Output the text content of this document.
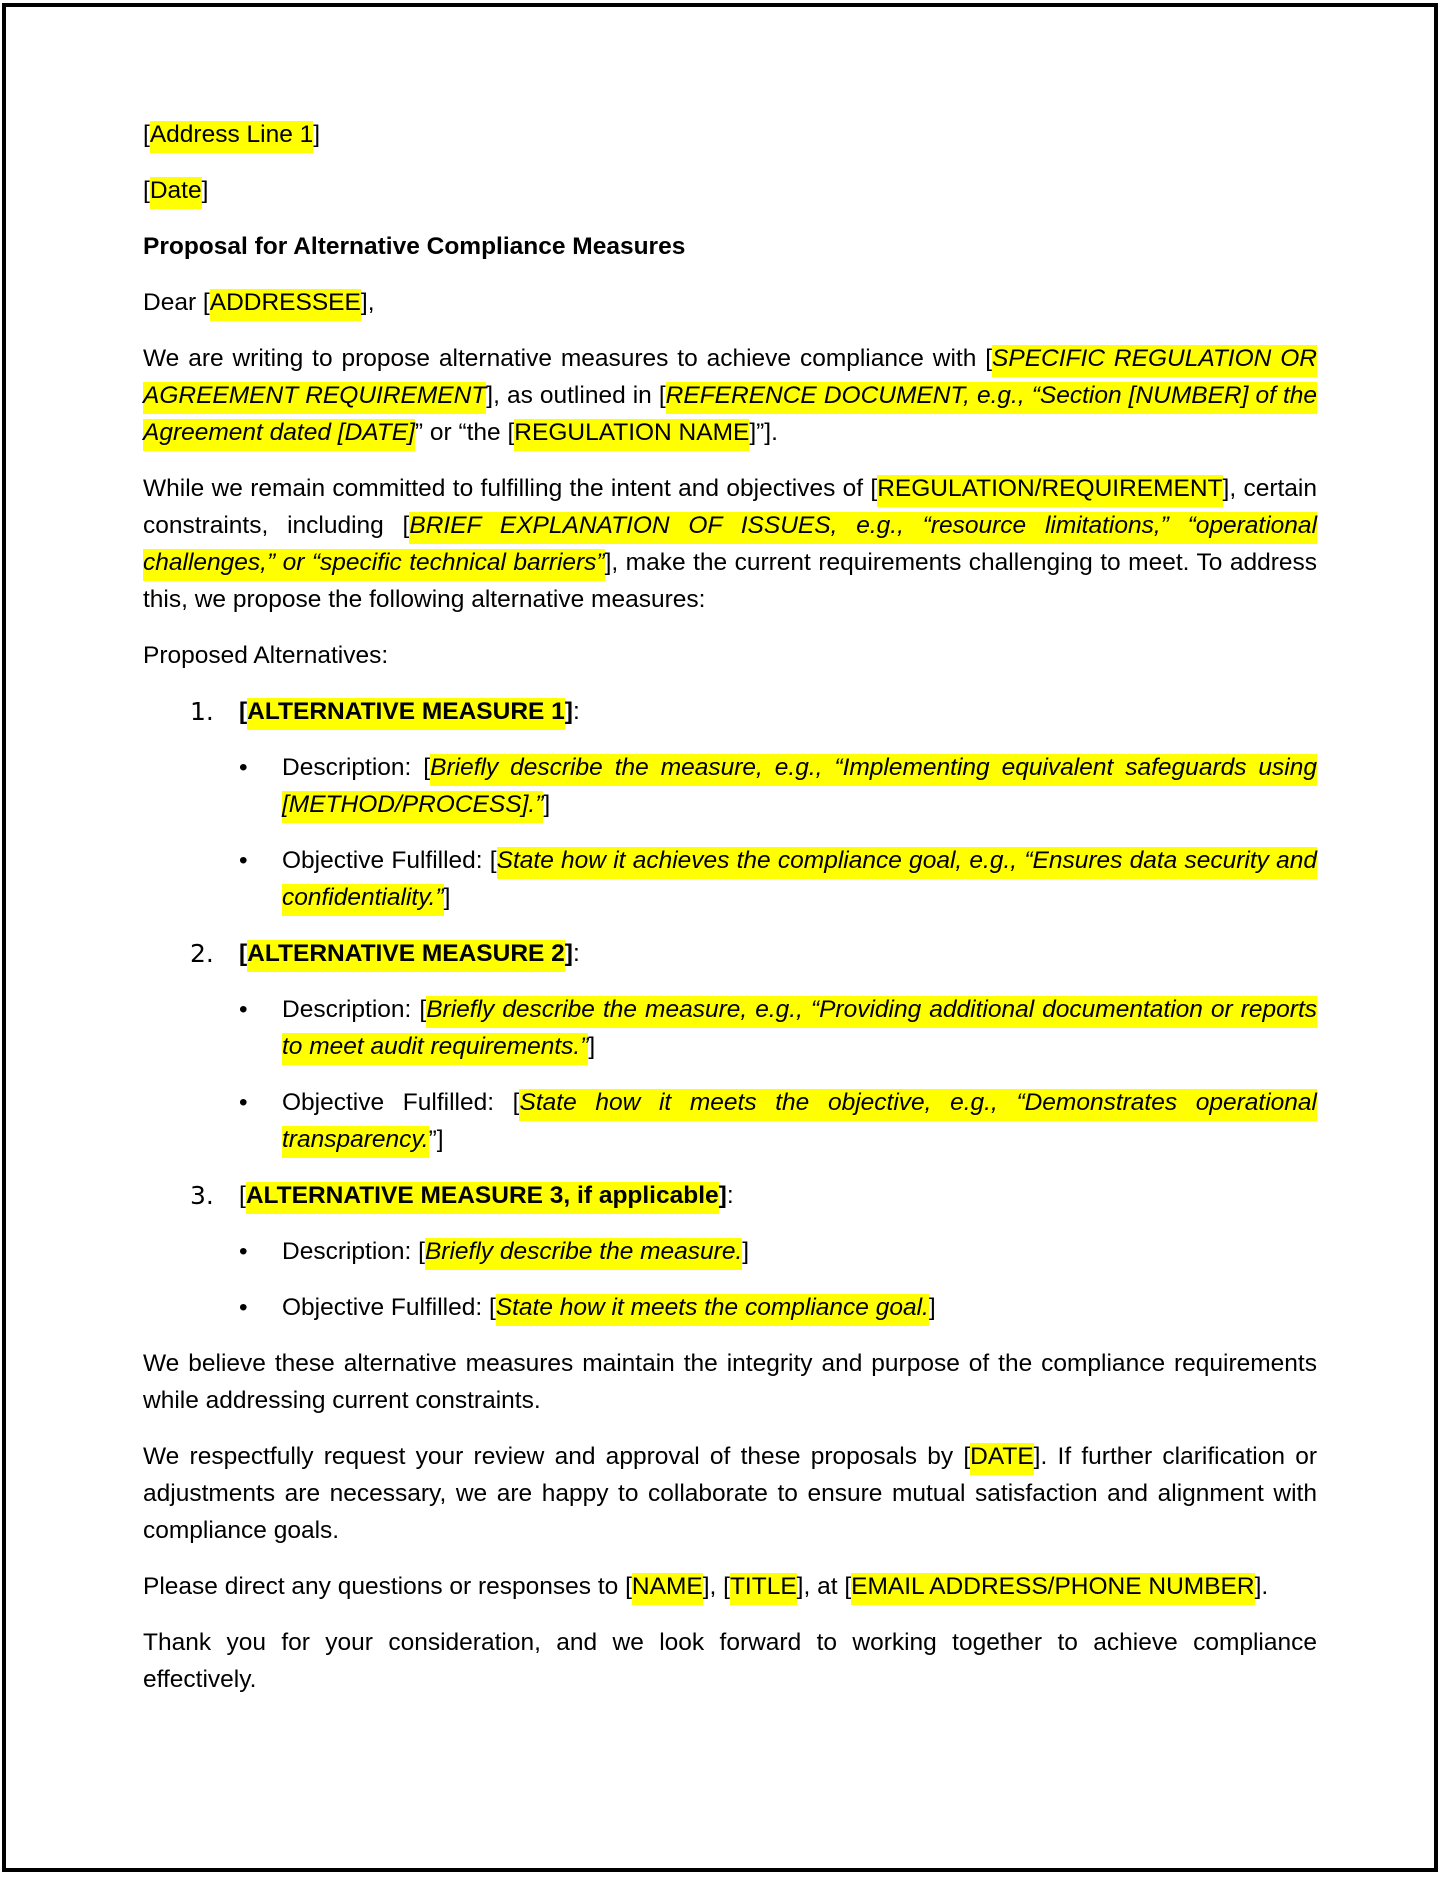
[Address Line 1]

[Date]

Proposal for Alternative Compliance Measures

Dear [ADDRESSEE],

We are writing to propose alternative measures to achieve compliance with [SPECIFIC REGULATION OR AGREEMENT REQUIREMENT], as outlined in [REFERENCE DOCUMENT, e.g., “Section [NUMBER] of the Agreement dated [DATE]” or “the [REGULATION NAME]”].

While we remain committed to fulfilling the intent and objectives of [REGULATION/REQUIREMENT], certain constraints, including [BRIEF EXPLANATION OF ISSUES, e.g., “resource limitations,” “operational challenges,” or “specific technical barriers”], make the current requirements challenging to meet. To address this, we propose the following alternative measures:

Proposed Alternatives:

1. [ALTERNATIVE MEASURE 1]:
• Description: [Briefly describe the measure, e.g., “Implementing equivalent safeguards using [METHOD/PROCESS].”]
• Objective Fulfilled: [State how it achieves the compliance goal, e.g., “Ensures data security and confidentiality.”]
2. [ALTERNATIVE MEASURE 2]:
• Description: [Briefly describe the measure, e.g., “Providing additional documentation or reports to meet audit requirements.”]
• Objective Fulfilled: [State how it meets the objective, e.g., “Demonstrates operational transparency.”]
3. [ALTERNATIVE MEASURE 3, if applicable]:
• Description: [Briefly describe the measure.]
• Objective Fulfilled: [State how it meets the compliance goal.]

We believe these alternative measures maintain the integrity and purpose of the compliance requirements while addressing current constraints.

We respectfully request your review and approval of these proposals by [DATE]. If further clarification or adjustments are necessary, we are happy to collaborate to ensure mutual satisfaction and alignment with compliance goals.

Please direct any questions or responses to [NAME], [TITLE], at [EMAIL ADDRESS/PHONE NUMBER].

Thank you for your consideration, and we look forward to working together to achieve compliance effectively.
